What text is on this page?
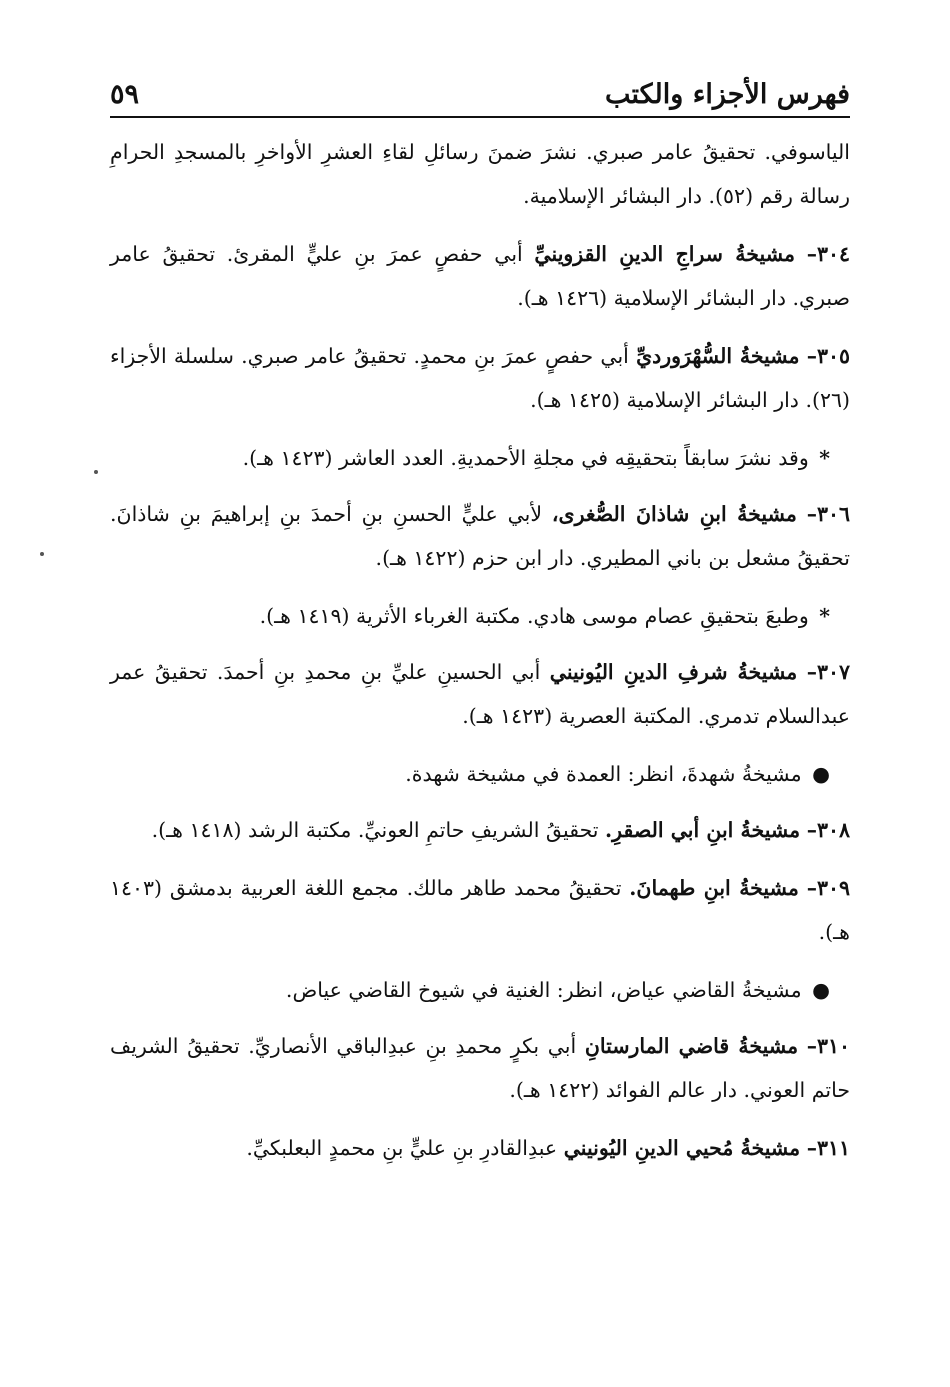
فهرس الأجزاء والكتب
٥٩

الياسوفي. تحقيقُ عامر صبري. نشرَ ضمنَ رسائلِ لقاءِ العشرِ الأواخرِ بالمسجدِ الحرامِ رسالة رقم (٥٢). دار البشائر الإسلامية.

٣٠٤– مشيخةُ سراجِ الدينِ القزوينيِّ أبي حفصٍ عمرَ بنِ عليٍّ المقرئ. تحقيقُ عامر صبري. دار البشائر الإسلامية (١٤٢٦ هـ).

٣٠٥– مشيخةُ السُّهْرَورديِّ أبي حفصٍ عمرَ بنِ محمدٍ. تحقيقُ عامر صبري. سلسلة الأجزاء (٢٦). دار البشائر الإسلامية (١٤٢٥ هـ).

* وقد نشرَ سابقاً بتحقيقِه في مجلةِ الأحمديةِ. العدد العاشر (١٤٢٣ هـ).

٣٠٦– مشيخةُ ابنِ شاذانَ الصُّغرى، لأبي عليٍّ الحسنِ بنِ أحمدَ بنِ إبراهيمَ بنِ شاذانَ. تحقيقُ مشعل بن باني المطيري. دار ابن حزم (١٤٢٢ هـ).

* وطبعَ بتحقيقِ عصام موسى هادي. مكتبة الغرباء الأثرية (١٤١٩ هـ).

٣٠٧– مشيخةُ شرفِ الدينِ اليُونيني أبي الحسينِ عليِّ بنِ محمدِ بنِ أحمدَ. تحقيقُ عمر عبدالسلام تدمري. المكتبة العصرية (١٤٢٣ هـ).

● مشيخةُ شهدةَ، انظر: العمدة في مشيخة شهدة.

٣٠٨– مشيخةُ ابنِ أبي الصقرِ. تحقيقُ الشريفِ حاتمِ العونيِّ. مكتبة الرشد (١٤١٨ هـ).

٣٠٩– مشيخةُ ابنِ طهمانَ. تحقيقُ محمد طاهر مالك. مجمع اللغة العربية بدمشق (١٤٠٣ هـ).

● مشيخةُ القاضي عياض، انظر: الغنية في شيوخ القاضي عياض.

٣١٠– مشيخةُ قاضي المارستانِ أبي بكرٍ محمدِ بنِ عبدِالباقي الأنصاريِّ. تحقيقُ الشريف حاتم العوني. دار عالم الفوائد (١٤٢٢ هـ).

٣١١– مشيخةُ مُحيي الدينِ اليُونيني عبدِالقادرِ بنِ عليٍّ بنِ محمدٍ البعلبكيِّ.
